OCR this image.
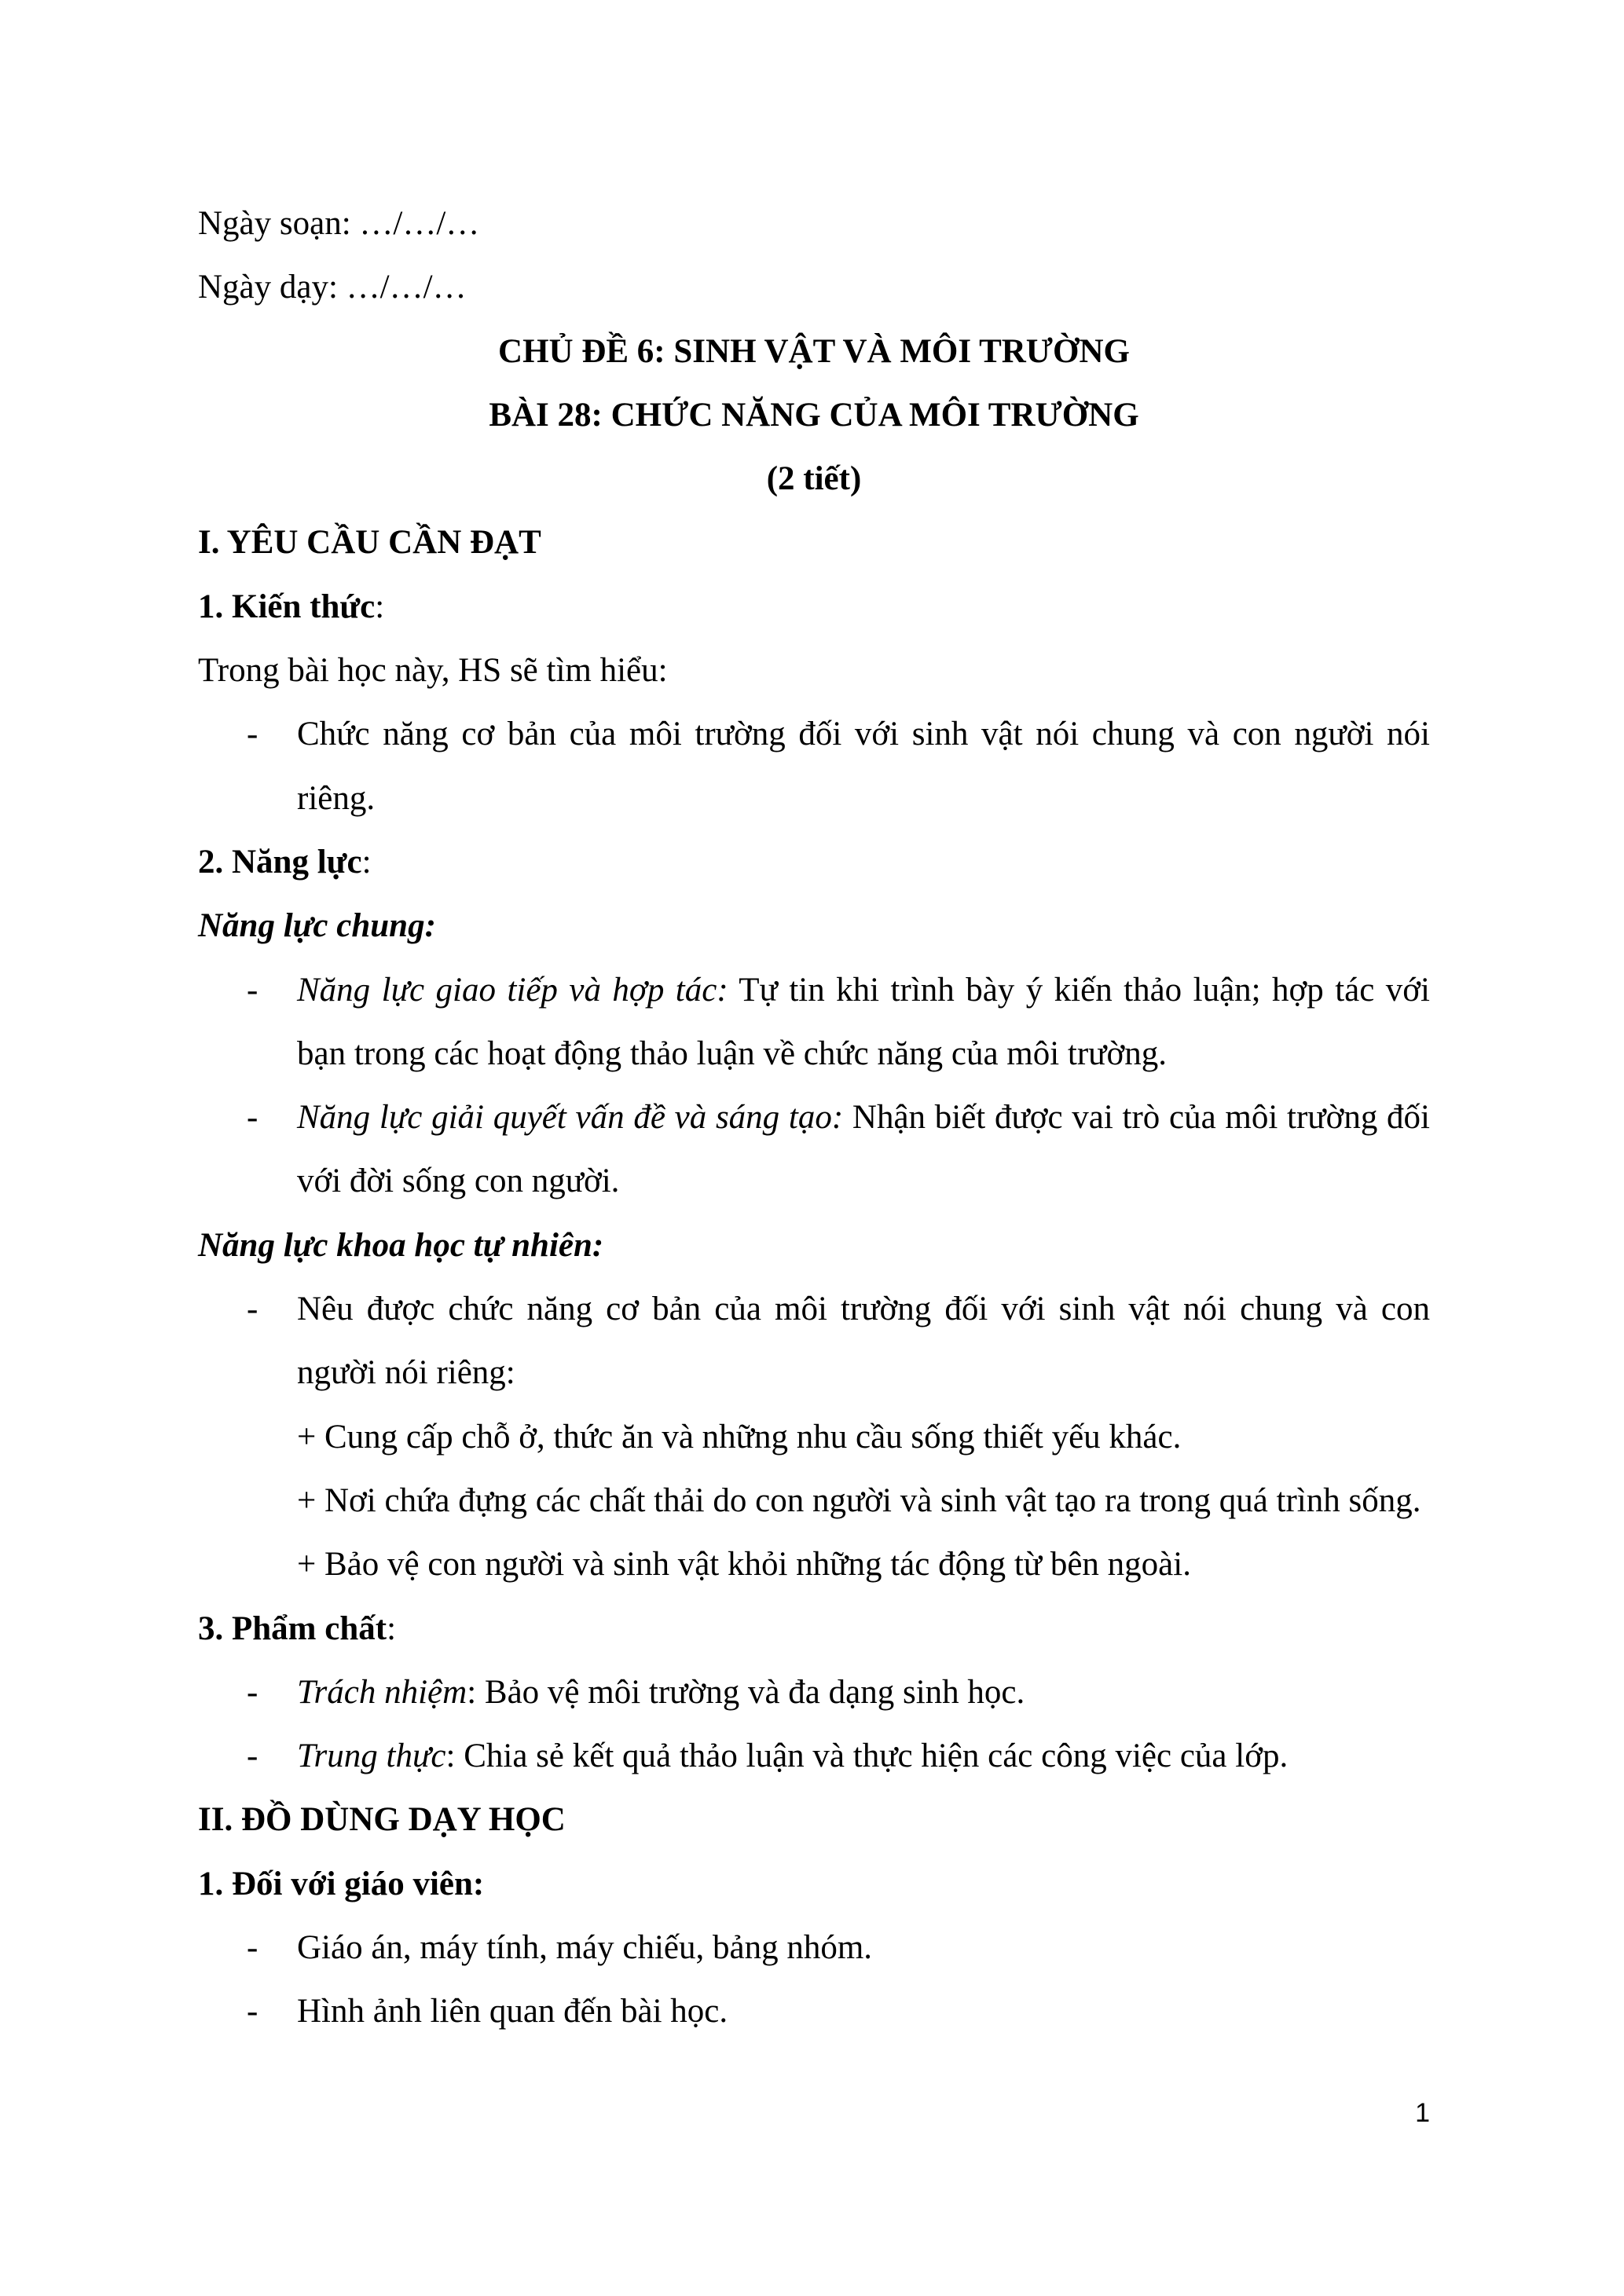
Ngày soạn: …/…/…

Ngày dạy: …/…/…

CHỦ ĐỀ 6: SINH VẬT VÀ MÔI TRƯỜNG

BÀI 28: CHỨC NĂNG CỦA MÔI TRƯỜNG

(2 tiết)

I. YÊU CẦU CẦN ĐẠT

1. Kiến thức:

Trong bài học này, HS sẽ tìm hiểu:

- Chức năng cơ bản của môi trường đối với sinh vật nói chung và con người nói riêng.

2. Năng lực:

Năng lực chung:

- Năng lực giao tiếp và hợp tác: Tự tin khi trình bày ý kiến thảo luận; hợp tác với bạn trong các hoạt động thảo luận về chức năng của môi trường.
- Năng lực giải quyết vấn đề và sáng tạo: Nhận biết được vai trò của môi trường đối với đời sống con người.

Năng lực khoa học tự nhiên:

- Nêu được chức năng cơ bản của môi trường đối với sinh vật nói chung và con người nói riêng:
+ Cung cấp chỗ ở, thức ăn và những nhu cầu sống thiết yếu khác.
+ Nơi chứa đựng các chất thải do con người và sinh vật tạo ra trong quá trình sống.
+ Bảo vệ con người và sinh vật khỏi những tác động từ bên ngoài.

3. Phẩm chất:

- Trách nhiệm: Bảo vệ môi trường và đa dạng sinh học.
- Trung thực: Chia sẻ kết quả thảo luận và thực hiện các công việc của lớp.

II. ĐỒ DÙNG DẠY HỌC

1. Đối với giáo viên:

- Giáo án, máy tính, máy chiếu, bảng nhóm.
- Hình ảnh liên quan đến bài học.
1
